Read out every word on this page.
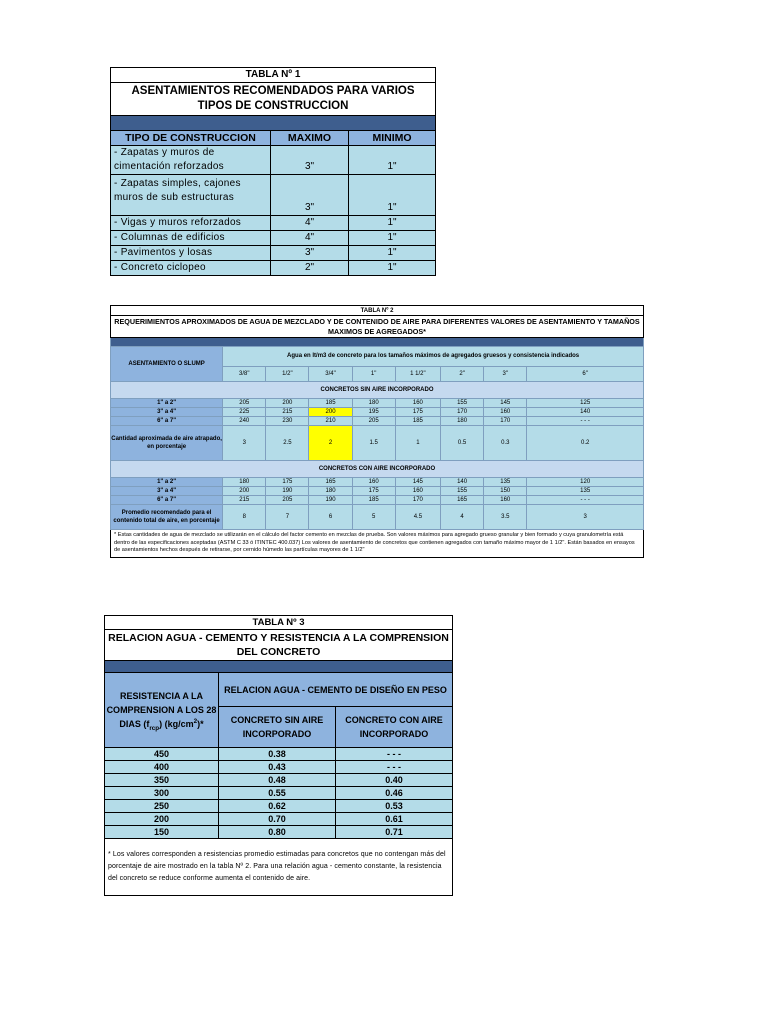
TABLA Nº 1		
ASENTAMIENTOS RECOMENDADOS PARA VARIOS TIPOS DE CONSTRUCCION		

TIPO DE CONSTRUCCION	MAXIMO	MINIMO
- Zapatas y muros de cimentación reforzados	3"	1"
- Zapatas simples, cajones muros de sub estructuras	3"	1"
- Vigas y muros reforzados	4"	1"
- Columnas de edificios	4"	1"
- Pavimentos y losas	3"	1"
- Concreto ciclopeo	2"	1"
TABLA Nº 2								
REQUERIMIENTOS APROXIMADOS DE AGUA DE MEZCLADO Y DE CONTENIDO DE AIRE PARA DIFERENTES VALORES DE ASENTAMIENTO Y TAMAÑOS MAXIMOS DE AGREGADOS*								

ASENTAMIENTO O SLUMP	Agua en lt/m3 de concreto para los tamaños máximos de agregados gruesos y consistencia indicados							
	3/8"	1/2"	3/4"	1"	1 1/2"	2"	3"	6"
CONCRETOS SIN AIRE INCORPORADO								
1" a 2"	205	200	185	180	160	155	145	125
3" a 4"	225	215	200	195	175	170	160	140
6" a 7"	240	230	210	205	185	180	170	- - -
Cantidad aproximada de aire atrapado, en porcentaje	3	2.5	2	1.5	1	0.5	0.3	0.2
CONCRETOS CON AIRE INCORPORADO								
1" a 2"	180	175	165	160	145	140	135	120
3" a 4"	200	190	180	175	160	155	150	135
6" a 7"	215	205	190	185	170	165	160	- - -
Promedio recomendado para el contenido total de aire, en porcentaje	8	7	6	5	4.5	4	3.5	3
* Estas cantidades de agua de mezclado se utilizarán en el cálculo del factor cemento en mezclas de prueba. Son valores máximos para agregado grueso granular y bien formado y cuya granulometría está dentro de las especificaciones aceptadas (ASTM C 33 ó ITINTEC 400.037) Los valores de asentamiento de concretos que contienen agregados con tamaño máximo mayor de 1 1/2". Están basados en ensayos de asentamientos hechos después de retirarse, por cernido húmedo las partículas mayores de 1 1/2"								
TABLA Nº 3		
RELACION AGUA - CEMENTO Y RESISTENCIA A LA COMPRENSION DEL CONCRETO		

RESISTENCIA A LA COMPRENSION A LOS 28 DIAS $(f_{rcp})$ $(kg/cm^2)*$	RELACION AGUA - CEMENTO DE DISEÑO EN PESO	
	CONCRETO SIN AIRE INCORPORADO	CONCRETO CON AIRE INCORPORADO
450	0.38	- - -
400	0.43	- - -
350	0.48	0.40
300	0.55	0.46
250	0.62	0.53
200	0.70	0.61
150	0.80	0.71
* Los valores corresponden a resistencias promedio estimadas para concretos que no contengan más del porcentaje de aire mostrado en la tabla Nº 2. Para una relación agua - cemento constante, la resistencia del concreto se reduce conforme aumenta el contenido de aire.		
